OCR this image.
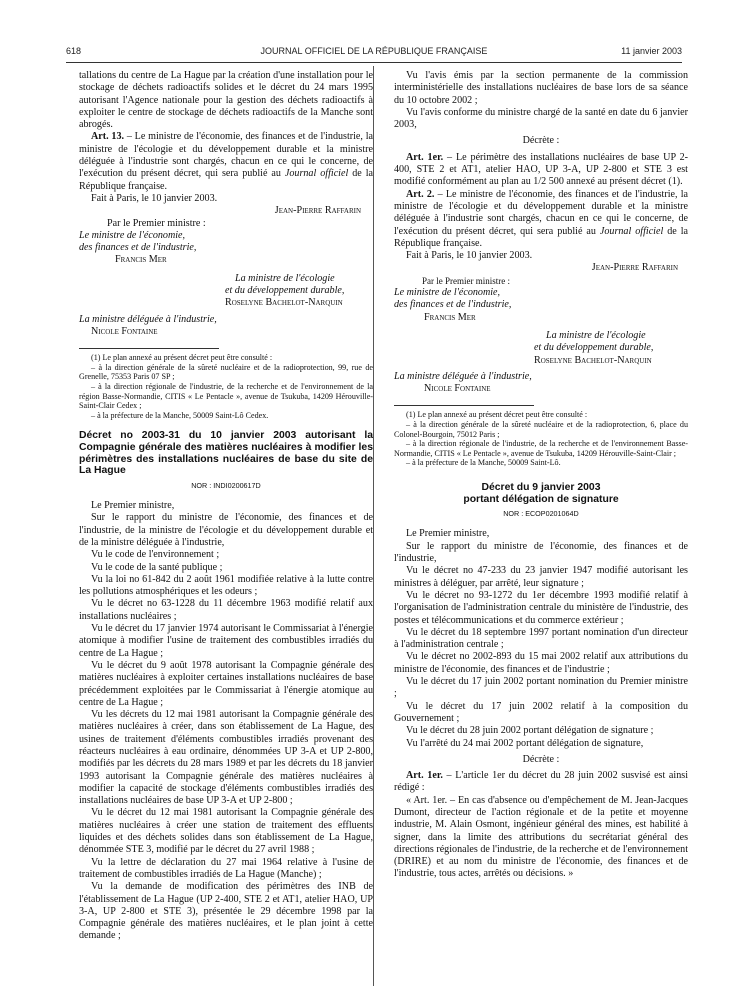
618	JOURNAL OFFICIEL DE LA RÉPUBLIQUE FRANÇAISE	11 janvier 2003

tallations du centre de La Hague par la création d'une installation pour le stockage de déchets radioactifs solides et le décret du 24 mars 1995 autorisant l'Agence nationale pour la gestion des déchets radioactifs à exploiter le centre de stockage de déchets radioactifs de la Manche sont abrogés.

Art. 13. – Le ministre de l'économie, des finances et de l'industrie, la ministre de l'écologie et du développement durable et la ministre déléguée à l'industrie sont chargés, chacun en ce qui le concerne, de l'exécution du présent décret, qui sera publié au Journal officiel de la République française.

Fait à Paris, le 10 janvier 2003.

Jean-Pierre Raffarin

Par le Premier ministre :

Le ministre de l'économie,

des finances et de l'industrie,

Francis Mer

La ministre de l'écologie

et du développement durable,

Roselyne Bachelot-Narquin

La ministre déléguée à l'industrie,

Nicole Fontaine

(1) Le plan annexé au présent décret peut être consulté :

– à la direction générale de la sûreté nucléaire et de la radioprotection, 99, rue de Grenelle, 75353 Paris 07 SP ;

– à la direction régionale de l'industrie, de la recherche et de l'environnement de la région Basse-Normandie, CITIS « Le Pentacle », avenue de Tsukuba, 14209 Hérouville-Saint-Clair Cedex ;

– à la préfecture de la Manche, 50009 Saint-Lô Cedex.

Décret no 2003-31 du 10 janvier 2003 autorisant la Compagnie générale des matières nucléaires à modifier les périmètres des installations nucléaires de base du site de La Hague

NOR : INDI0200617D

Le Premier ministre,

Sur le rapport du ministre de l'économie, des finances et de l'industrie, de la ministre de l'écologie et du développement durable et de la ministre déléguée à l'industrie,

Vu le code de l'environnement ;

Vu le code de la santé publique ;

Vu la loi no 61-842 du 2 août 1961 modifiée relative à la lutte contre les pollutions atmosphériques et les odeurs ;

Vu le décret no 63-1228 du 11 décembre 1963 modifié relatif aux installations nucléaires ;

Vu le décret du 17 janvier 1974 autorisant le Commissariat à l'énergie atomique à modifier l'usine de traitement des combustibles irradiés du centre de La Hague ;

Vu le décret du 9 août 1978 autorisant la Compagnie générale des matières nucléaires à exploiter certaines installations nucléaires de base précédemment exploitées par le Commissariat à l'énergie atomique au centre de La Hague ;

Vu les décrets du 12 mai 1981 autorisant la Compagnie générale des matières nucléaires à créer, dans son établissement de La Hague, des usines de traitement d'éléments combustibles irradiés provenant des réacteurs nucléaires à eau ordinaire, dénommées UP 3-A et UP 2-800, modifiés par les décrets du 28 mars 1989 et par les décrets du 18 janvier 1993 autorisant la Compagnie générale des matières nucléaires à modifier la capacité de stockage d'éléments combustibles irradiés des installations nucléaires de base UP 3-A et UP 2-800 ;

Vu le décret du 12 mai 1981 autorisant la Compagnie générale des matières nucléaires à créer une station de traitement des effluents liquides et des déchets solides dans son établissement de La Hague, dénommée STE 3, modifié par le décret du 27 avril 1988 ;

Vu la lettre de déclaration du 27 mai 1964 relative à l'usine de traitement de combustibles irradiés de La Hague (Manche) ;

Vu la demande de modification des périmètres des INB de l'établissement de La Hague (UP 2-400, STE 2 et AT1, atelier HAO, UP 3-A, UP 2-800 et STE 3), présentée le 29 décembre 1998 par la Compagnie générale des matières nucléaires, et le plan joint à cette demande ;

Vu l'avis émis par la section permanente de la commission interministérielle des installations nucléaires de base lors de sa séance du 10 octobre 2002 ;

Vu l'avis conforme du ministre chargé de la santé en date du 6 janvier 2003,

Décrète :

Art. 1er. – Le périmètre des installations nucléaires de base UP 2-400, STE 2 et AT1, atelier HAO, UP 3-A, UP 2-800 et STE 3 est modifié conformément au plan au 1/2 500 annexé au présent décret (1).

Art. 2. – Le ministre de l'économie, des finances et de l'industrie, la ministre de l'écologie et du développement durable et la ministre déléguée à l'industrie sont chargés, chacun en ce qui le concerne, de l'exécution du présent décret, qui sera publié au Journal officiel de la République française.

Fait à Paris, le 10 janvier 2003.

Jean-Pierre Raffarin

Par le Premier ministre :

Le ministre de l'économie,

des finances et de l'industrie,

Francis Mer

La ministre de l'écologie

et du développement durable,

Roselyne Bachelot-Narquin

La ministre déléguée à l'industrie,

Nicole Fontaine

(1) Le plan annexé au présent décret peut être consulté :

– à la direction générale de la sûreté nucléaire et de la radioprotection, 6, place du Colonel-Bourgoin, 75012 Paris ;

– à la direction régionale de l'industrie, de la recherche et de l'environnement Basse-Normandie, CITIS « Le Pentacle », avenue de Tsukuba, 14209 Hérouville-Saint-Clair ;

– à la préfecture de la Manche, 50009 Saint-Lô.

Décret du 9 janvier 2003

portant délégation de signature

NOR : ECOP0201064D

Le Premier ministre,

Sur le rapport du ministre de l'économie, des finances et de l'industrie,

Vu le décret no 47-233 du 23 janvier 1947 modifié autorisant les ministres à déléguer, par arrêté, leur signature ;

Vu le décret no 93-1272 du 1er décembre 1993 modifié relatif à l'organisation de l'administration centrale du ministère de l'industrie, des postes et télécommunications et du commerce extérieur ;

Vu le décret du 18 septembre 1997 portant nomination d'un directeur à l'administration centrale ;

Vu le décret no 2002-893 du 15 mai 2002 relatif aux attributions du ministre de l'économie, des finances et de l'industrie ;

Vu le décret du 17 juin 2002 portant nomination du Premier ministre ;

Vu le décret du 17 juin 2002 relatif à la composition du Gouvernement ;

Vu le décret du 28 juin 2002 portant délégation de signature ;

Vu l'arrêté du 24 mai 2002 portant délégation de signature,

Décrète :

Art. 1er. – L'article 1er du décret du 28 juin 2002 susvisé est ainsi rédigé :

« Art. 1er. – En cas d'absence ou d'empêchement de M. Jean-Jacques Dumont, directeur de l'action régionale et de la petite et moyenne industrie, M. Alain Osmont, ingénieur général des mines, est habilité à signer, dans la limite des attributions du secrétariat général des directions régionales de l'industrie, de la recherche et de l'environnement (DRIRE) et au nom du ministre de l'économie, des finances et de l'industrie, tous actes, arrêtés ou décisions. »
